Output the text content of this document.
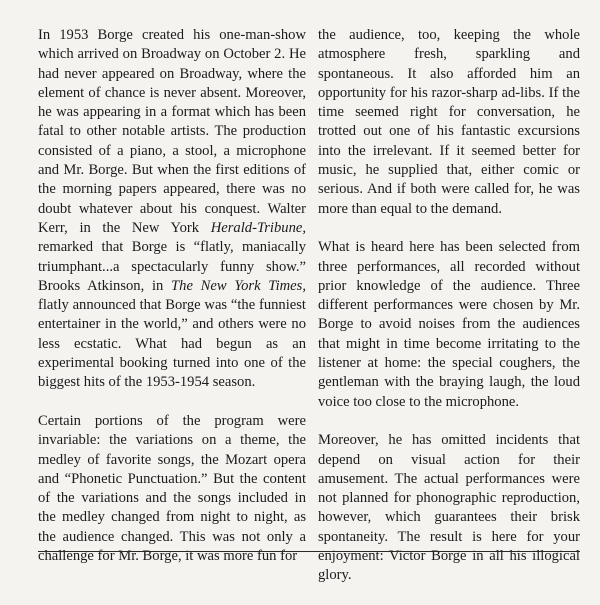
In 1953 Borge created his one-man-show which arrived on Broadway on October 2. He had never appeared on Broadway, where the element of chance is never absent. Moreover, he was appearing in a format which has been fatal to other notable artists. The production consisted of a piano, a stool, a microphone and Mr. Borge. But when the first editions of the morning papers appeared, there was no doubt whatever about his conquest. Walter Kerr, in the New York Herald-Tribune, remarked that Borge is “flatly, maniacally triumphant...a spectacularly funny show.” Brooks Atkinson, in The New York Times, flatly announced that Borge was “the funniest entertainer in the world,” and others were no less ecstatic. What had begun as an experimental booking turned into one of the biggest hits of the 1953-1954 season.

Certain portions of the program were invariable: the variations on a theme, the medley of favorite songs, the Mozart opera and “Phonetic Punctuation.” But the content of the variations and the songs included in the medley changed from night to night, as the audience changed. This was not only a challenge for Mr. Borge, it was more fun for

the audience, too, keeping the whole atmosphere fresh, sparkling and spontaneous. It also afforded him an opportunity for his razor-sharp ad-libs. If the time seemed right for conversation, he trotted out one of his fantastic excursions into the irrelevant. If it seemed better for music, he supplied that, either comic or serious. And if both were called for, he was more than equal to the demand.

What is heard here has been selected from three performances, all recorded without prior knowledge of the audience. Three different performances were chosen by Mr. Borge to avoid noises from the audiences that might in time become irritating to the listener at home: the special coughers, the gentleman with the braying laugh, the loud voice too close to the microphone.

Moreover, he has omitted incidents that depend on visual action for their amusement. The actual performances were not planned for phonographic reproduction, however, which guarantees their brisk spontaneity. The result is here for your enjoyment: Victor Borge in all his illogical glory.
